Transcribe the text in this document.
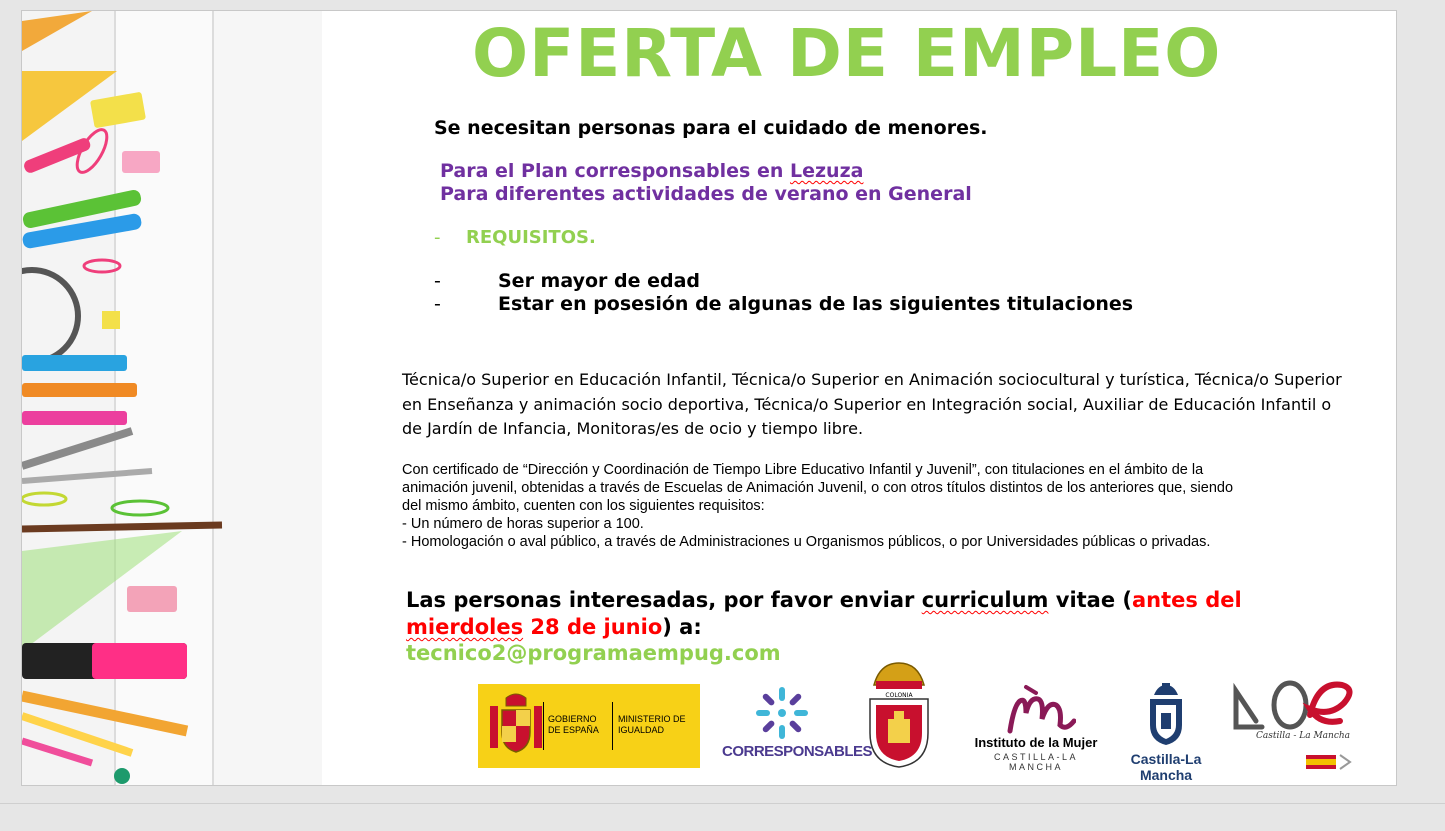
OFERTA DE EMPLEO
Se necesitan personas para el cuidado de menores.
Para el Plan corresponsables en Lezuza
Para diferentes actividades de verano en General
- REQUISITOS.
-	Ser mayor de edad
-	Estar en posesión de algunas de las siguientes titulaciones
Técnica/o Superior en Educación Infantil, Técnica/o Superior en Animación sociocultural y turística, Técnica/o Superior en Enseñanza y animación socio deportiva, Técnica/o Superior en Integración social, Auxiliar de Educación Infantil o de Jardín de Infancia, Monitoras/es de ocio y tiempo libre.
Con certificado de “Dirección y Coordinación de Tiempo Libre Educativo Infantil y Juvenil”, con titulaciones en el ámbito de la
animación juvenil, obtenidas a través de Escuelas de Animación Juvenil, o con otros títulos distintos de los anteriores que, siendo
del mismo ámbito, cuenten con los siguientes requisitos:
- Un número de horas superior a 100.
- Homologación o aval público, a través de Administraciones u Organismos públicos, o por Universidades públicas o privadas.
Las personas interesadas, por favor enviar curriculum vitae (antes del
mierdoles 28 de junio) a:
tecnico2@programaempug.com
GOBIERNO DE ESPAÑA
MINISTERIO DE IGUALDAD
CORRESPONSABLES
COLONIA
Instituto de la Mujer
CASTILLA-LA MANCHA	Castilla-La Mancha
Castilla - La Mancha
